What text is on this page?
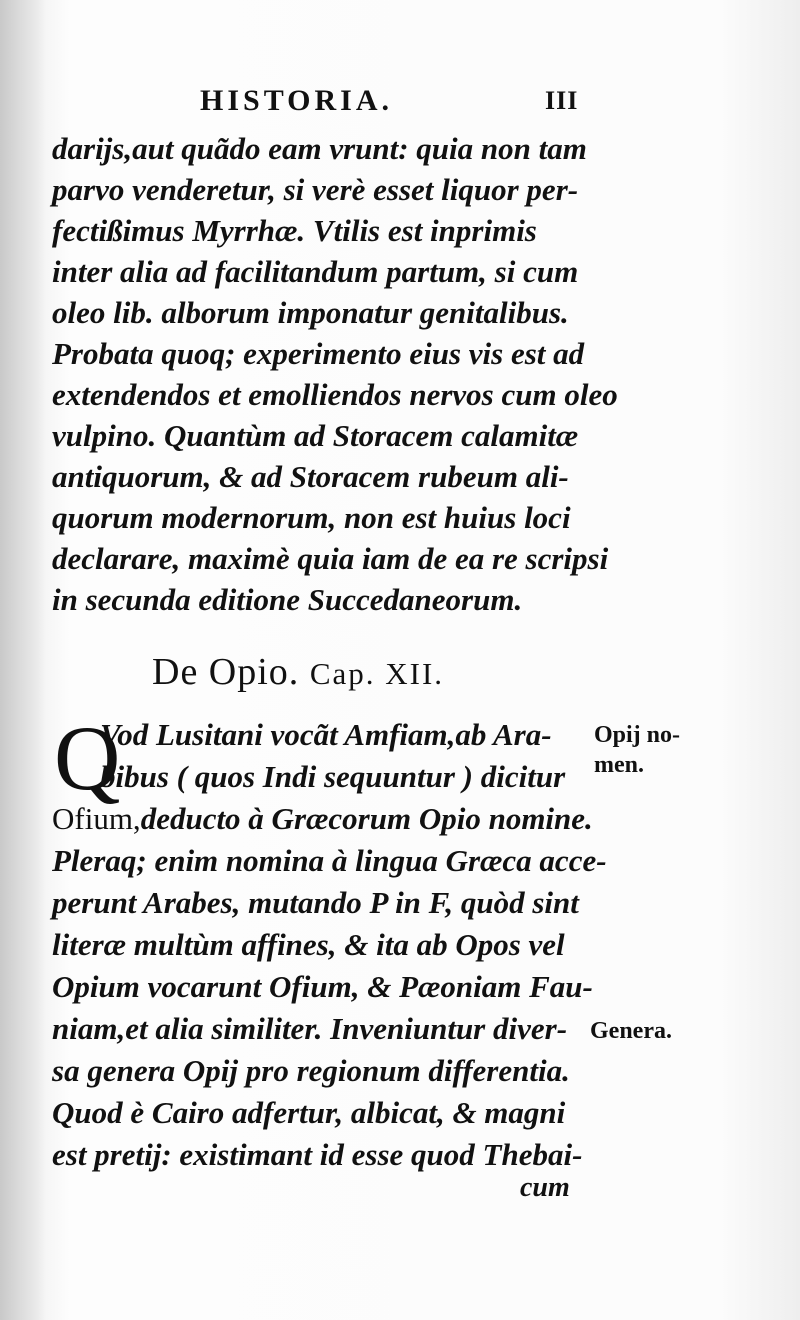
HISTORIA.	III
darijs,aut quãdo eam vrunt: quia non tam
parvo venderetur, si verè esset liquor per-
fectißimus Myrrhæ. Vtilis est inprimis
inter alia ad facilitandum partum, si cum
oleo lib. alborum imponatur genitalibus.
Probata quoq; experimento eius vis est ad
extendendos et emolliendos nervos cum oleo
vulpino. Quantùm ad Storacem calamitæ
antiquorum, & ad Storacem rubeum ali-
quorum modernorum, non est huius loci
declarare, maximè quia iam de ea re scripsi
in secunda editione Succedaneorum.
De Opio. Cap. XII.
Q
Vod Lusitani vocãt Amfiam,ab Ara-
bibus ( quos Indi sequuntur ) dicitur
Ofium,deducto à Græcorum Opio nomine.
Pleraq; enim nomina à lingua Græca acce-
perunt Arabes, mutando P in F, quòd sint
literæ multùm affines, & ita ab Opos vel
Opium vocarunt Ofium, & Pæoniam Fau-
niam,et alia similiter. Inveniuntur diver-
sa genera Opij pro regionum differentia.
Quod è Cairo adfertur, albicat, & magni
est pretij: existimant id esse quod Thebai-
Opij no-
men.
Genera.
cum
